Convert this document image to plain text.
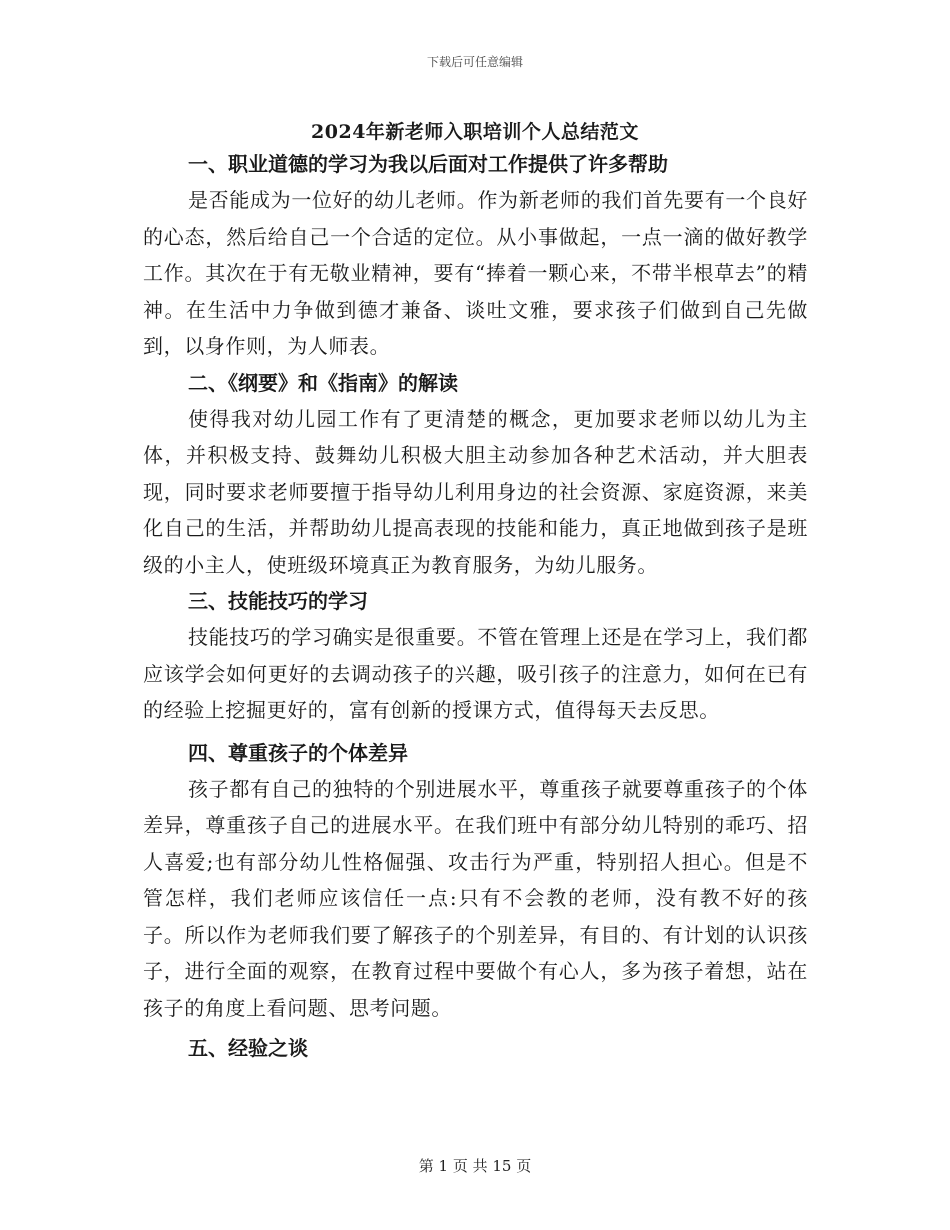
下载后可任意编辑
2024年新老师入职培训个人总结范文

一、职业道德的学习为我以后面对工作提供了许多帮助

是否能成为一位好的幼儿老师。作为新老师的我们首先要有一个良好的心态，然后给自己一个合适的定位。从小事做起，一点一滴的做好教学工作。其次在于有无敬业精神，要有“捧着一颗心来，不带半根草去”的精神。在生活中力争做到德才兼备、谈吐文雅，要求孩子们做到自己先做到，以身作则，为人师表。

二、《纲要》和《指南》的解读

使得我对幼儿园工作有了更清楚的概念，更加要求老师以幼儿为主体，并积极支持、鼓舞幼儿积极大胆主动参加各种艺术活动，并大胆表现，同时要求老师要擅于指导幼儿利用身边的社会资源、家庭资源，来美化自己的生活，并帮助幼儿提高表现的技能和能力，真正地做到孩子是班级的小主人，使班级环境真正为教育服务，为幼儿服务。

三、技能技巧的学习

技能技巧的学习确实是很重要。不管在管理上还是在学习上，我们都应该学会如何更好的去调动孩子的兴趣，吸引孩子的注意力，如何在已有的经验上挖掘更好的，富有创新的授课方式，值得每天去反思。

四、尊重孩子的个体差异

孩子都有自己的独特的个别进展水平，尊重孩子就要尊重孩子的个体差异，尊重孩子自己的进展水平。在我们班中有部分幼儿特别的乖巧、招人喜爱;也有部分幼儿性格倔强、攻击行为严重，特别招人担心。但是不管怎样，我们老师应该信任一点:只有不会教的老师，没有教不好的孩子。所以作为老师我们要了解孩子的个别差异，有目的、有计划的认识孩子，进行全面的观察，在教育过程中要做个有心人，多为孩子着想，站在孩子的角度上看问题、思考问题。

五、经验之谈

第 1 页 共 15 页
